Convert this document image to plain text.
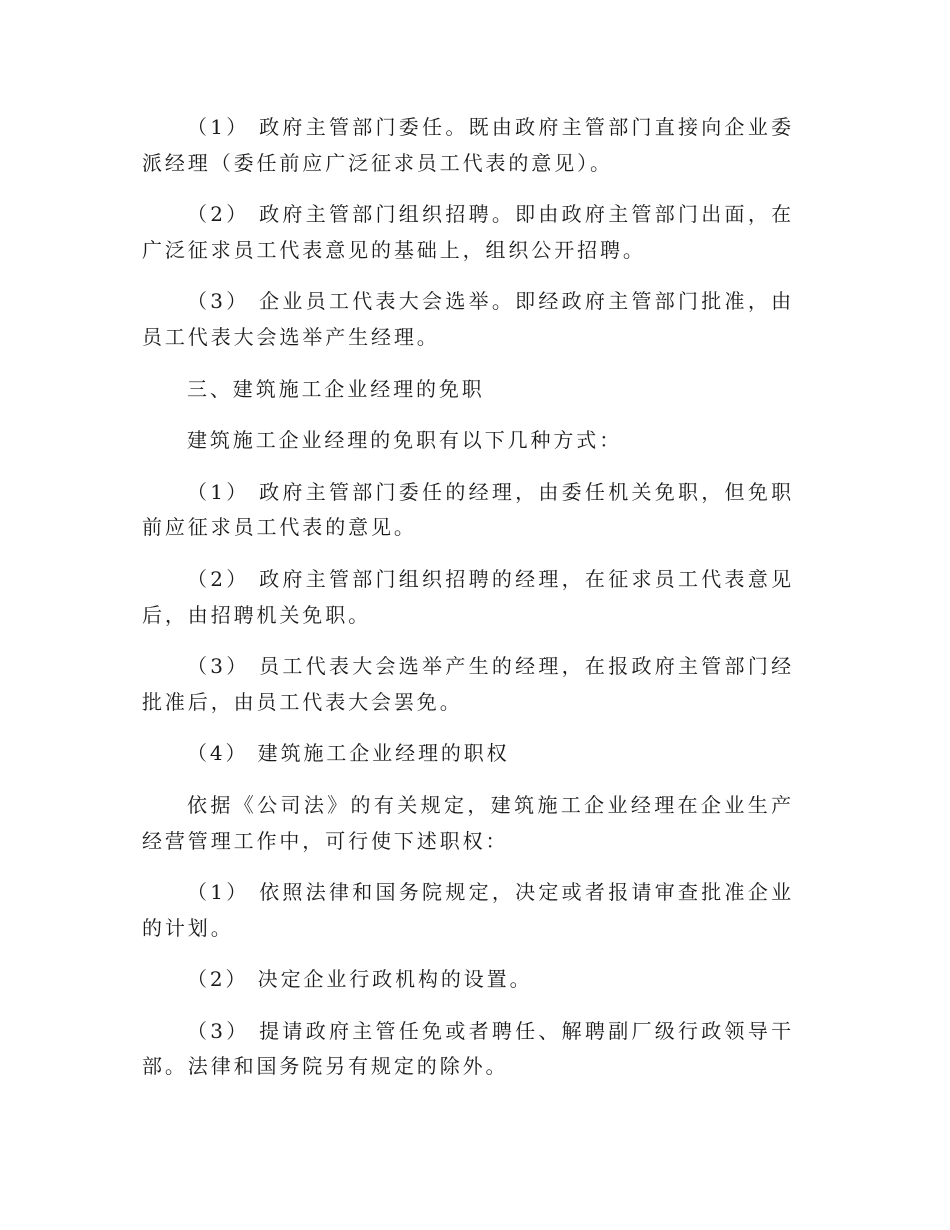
（1） 政府主管部门委任。既由政府主管部门直接向企业委派经理（委任前应广泛征求员工代表的意见）。

（2） 政府主管部门组织招聘。即由政府主管部门出面，在广泛征求员工代表意见的基础上，组织公开招聘。

（3） 企业员工代表大会选举。即经政府主管部门批准，由员工代表大会选举产生经理。

三、建筑施工企业经理的免职

建筑施工企业经理的免职有以下几种方式：

（1） 政府主管部门委任的经理，由委任机关免职，但免职前应征求员工代表的意见。

（2） 政府主管部门组织招聘的经理，在征求员工代表意见后，由招聘机关免职。

（3） 员工代表大会选举产生的经理，在报政府主管部门经批准后，由员工代表大会罢免。

（4） 建筑施工企业经理的职权

依据《公司法》的有关规定，建筑施工企业经理在企业生产经营管理工作中，可行使下述职权：

（1） 依照法律和国务院规定，决定或者报请审查批准企业的计划。

（2） 决定企业行政机构的设置。

（3） 提请政府主管任免或者聘任、解聘副厂级行政领导干部。法律和国务院另有规定的除外。
